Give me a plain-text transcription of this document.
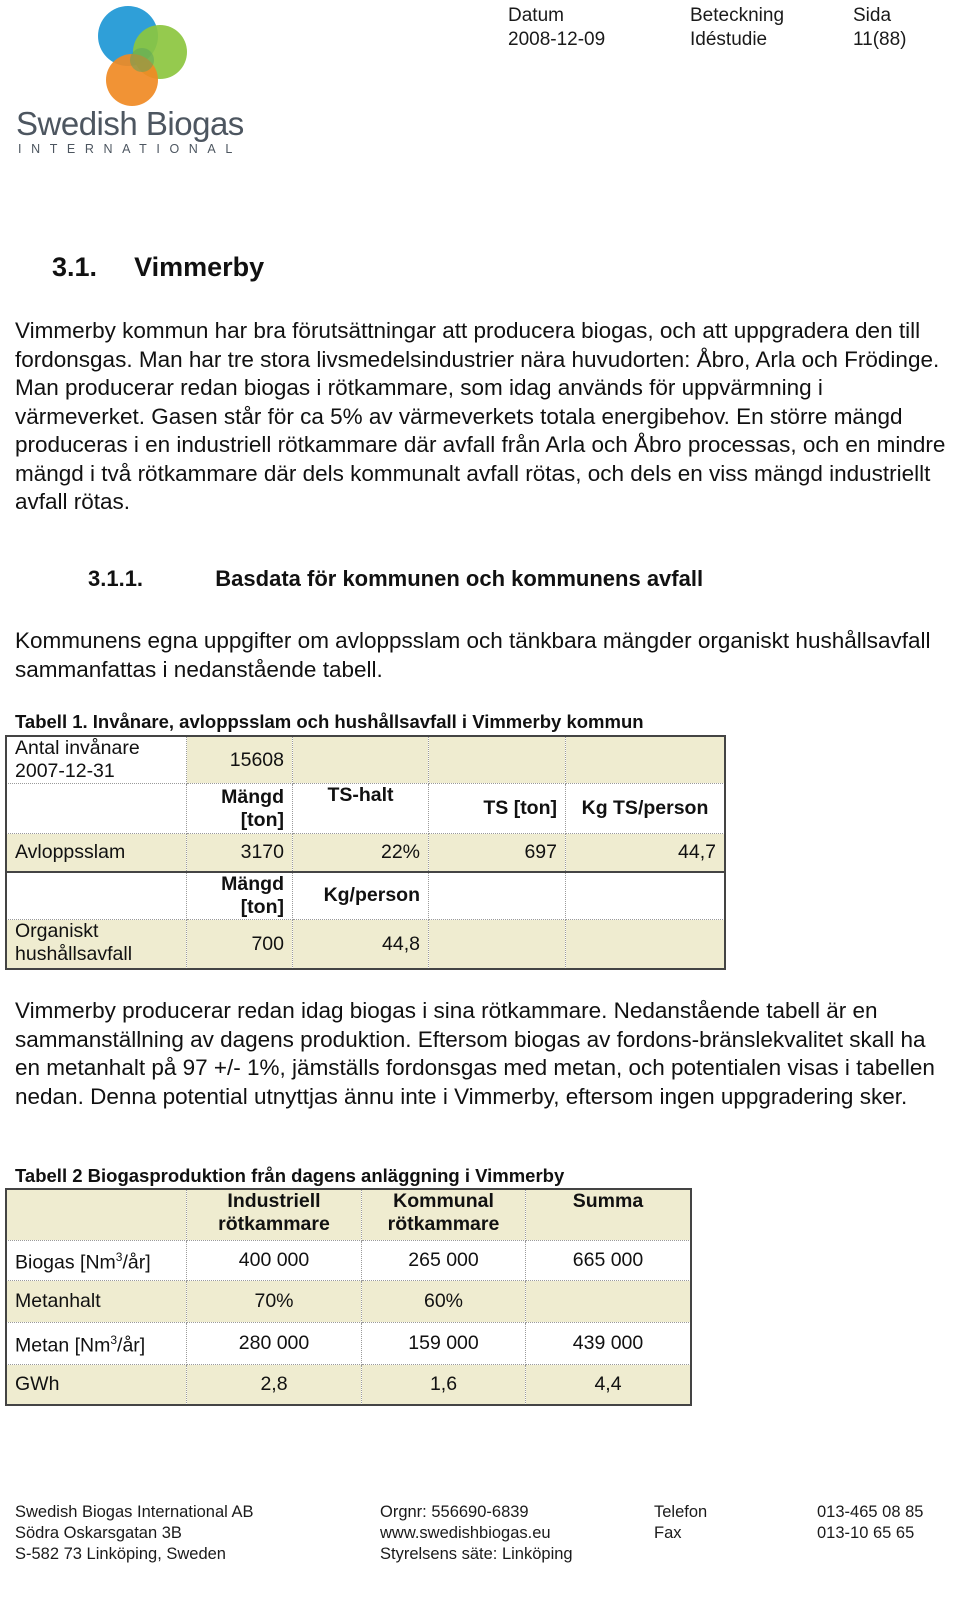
Swedish Biogas
INTERNATIONAL
Datum
2008-12-09
Beteckning
Idéstudie
Sida
11(88)
3.1. Vimmerby
Vimmerby kommun har bra förutsättningar att producera biogas, och att uppgradera den till fordonsgas. Man har tre stora livsmedelsindustrier nära huvudorten: Åbro, Arla och Frödinge. Man producerar redan biogas i rötkammare, som idag används för uppvärmning i värmeverket. Gasen står för ca 5% av värmeverkets totala energibehov. En större mängd produceras i en industriell rötkammare där avfall från Arla och Åbro processas, och en mindre mängd i två rötkammare där dels kommunalt avfall rötas, och dels en viss mängd industriellt avfall rötas.
3.1.1.	Basdata för kommunen och kommunens avfall
Kommunens egna uppgifter om avloppsslam och tänkbara mängder organiskt hushållsavfall sammanfattas i nedanstående tabell.
Tabell 1. Invånare, avloppsslam och hushållsavfall i Vimmerby kommun
Antal invånare 2007-12-31	15608			
	Mängd [ton]	TS-halt	TS [ton]	Kg TS/person
Avloppsslam	3170	22%	697	44,7
	Mängd [ton]	Kg/person		
Organiskt hushållsavfall	700	44,8		
Vimmerby producerar redan idag biogas i sina rötkammare. Nedanstående tabell är en sammanställning av dagens produktion. Eftersom biogas av fordons-bränslekvalitet skall ha en metanhalt på 97 +/- 1%, jämställs fordonsgas med metan, och potentialen visas i tabellen nedan. Denna potential utnyttjas ännu inte i Vimmerby, eftersom ingen uppgradering sker.
Tabell 2 Biogasproduktion från dagens anläggning i Vimmerby
	Industriell rötkammare	Kommunal rötkammare	Summa
Biogas [Nm$^3$/år]	400 000	265 000	665 000
Metanhalt	70%	60%	
Metan [Nm$^3$/år]	280 000	159 000	439 000
GWh	2,8	1,6	4,4
Swedish Biogas International AB
Södra Oskarsgatan 3B
S-582 73 Linköping, Sweden
Orgnr: 556690-6839
www.swedishbiogas.eu
Styrelsens säte: Linköping
Telefon
Fax
013-465 08 85
013-10 65 65
